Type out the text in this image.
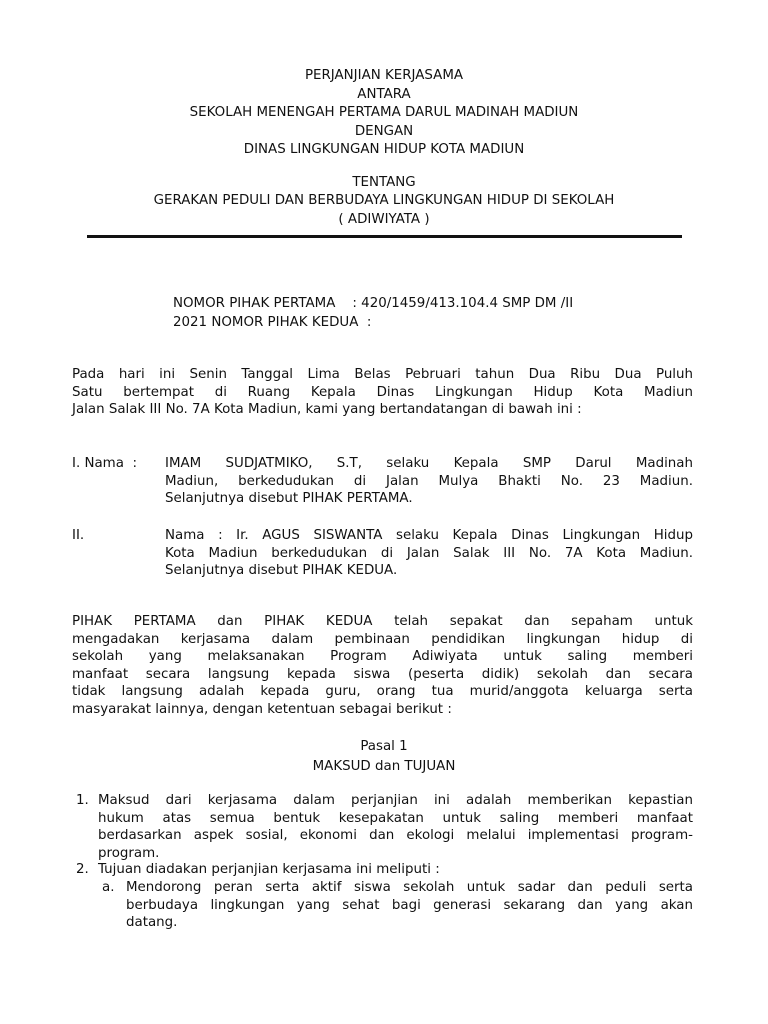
PERJANJIAN KERJASAMA
ANTARA
SEKOLAH MENENGAH PERTAMA DARUL MADINAH MADIUN
DENGAN
DINAS LINGKUNGAN HIDUP KOTA MADIUN
TENTANG
GERAKAN PEDULI DAN BERBUDAYA LINGKUNGAN HIDUP DI SEKOLAH
( ADIWIYATA )
NOMOR PIHAK PERTAMA    : 420/1459/413.104.4 SMP DM /II
2021 NOMOR PIHAK KEDUA  :
Pada hari ini Senin Tanggal Lima Belas Pebruari tahun Dua Ribu Dua Puluh
Satu bertempat di Ruang Kepala Dinas Lingkungan Hidup Kota Madiun
Jalan Salak III No. 7A Kota Madiun, kami yang bertandatangan di bawah ini :
I. Nama  : IMAM SUDJATMIKO, S.T, selaku Kepala SMP Darul Madinah
Madiun, berkedudukan di Jalan Mulya Bhakti No. 23 Madiun.
Selanjutnya disebut PIHAK PERTAMA.
II.	Nama : Ir. AGUS SISWANTA selaku Kepala Dinas Lingkungan Hidup
Kota Madiun berkedudukan di Jalan Salak III No. 7A Kota Madiun.
Selanjutnya disebut PIHAK KEDUA.
PIHAK PERTAMA dan PIHAK KEDUA telah sepakat dan sepaham untuk
mengadakan kerjasama dalam pembinaan pendidikan lingkungan hidup di
sekolah yang melaksanakan Program Adiwiyata untuk saling memberi
manfaat secara langsung kepada siswa (peserta didik) sekolah dan secara
tidak langsung adalah kepada guru, orang tua murid/anggota keluarga serta
masyarakat lainnya, dengan ketentuan sebagai berikut :
Pasal 1
MAKSUD dan TUJUAN
1. Maksud dari kerjasama dalam perjanjian ini adalah memberikan kepastian
hukum atas semua bentuk kesepakatan untuk saling memberi manfaat
berdasarkan aspek sosial, ekonomi dan ekologi melalui implementasi program-
program.
2. Tujuan diadakan perjanjian kerjasama ini meliputi :
a. Mendorong peran serta aktif siswa sekolah untuk sadar dan peduli serta
berbudaya lingkungan yang sehat bagi generasi sekarang dan yang akan
datang.
